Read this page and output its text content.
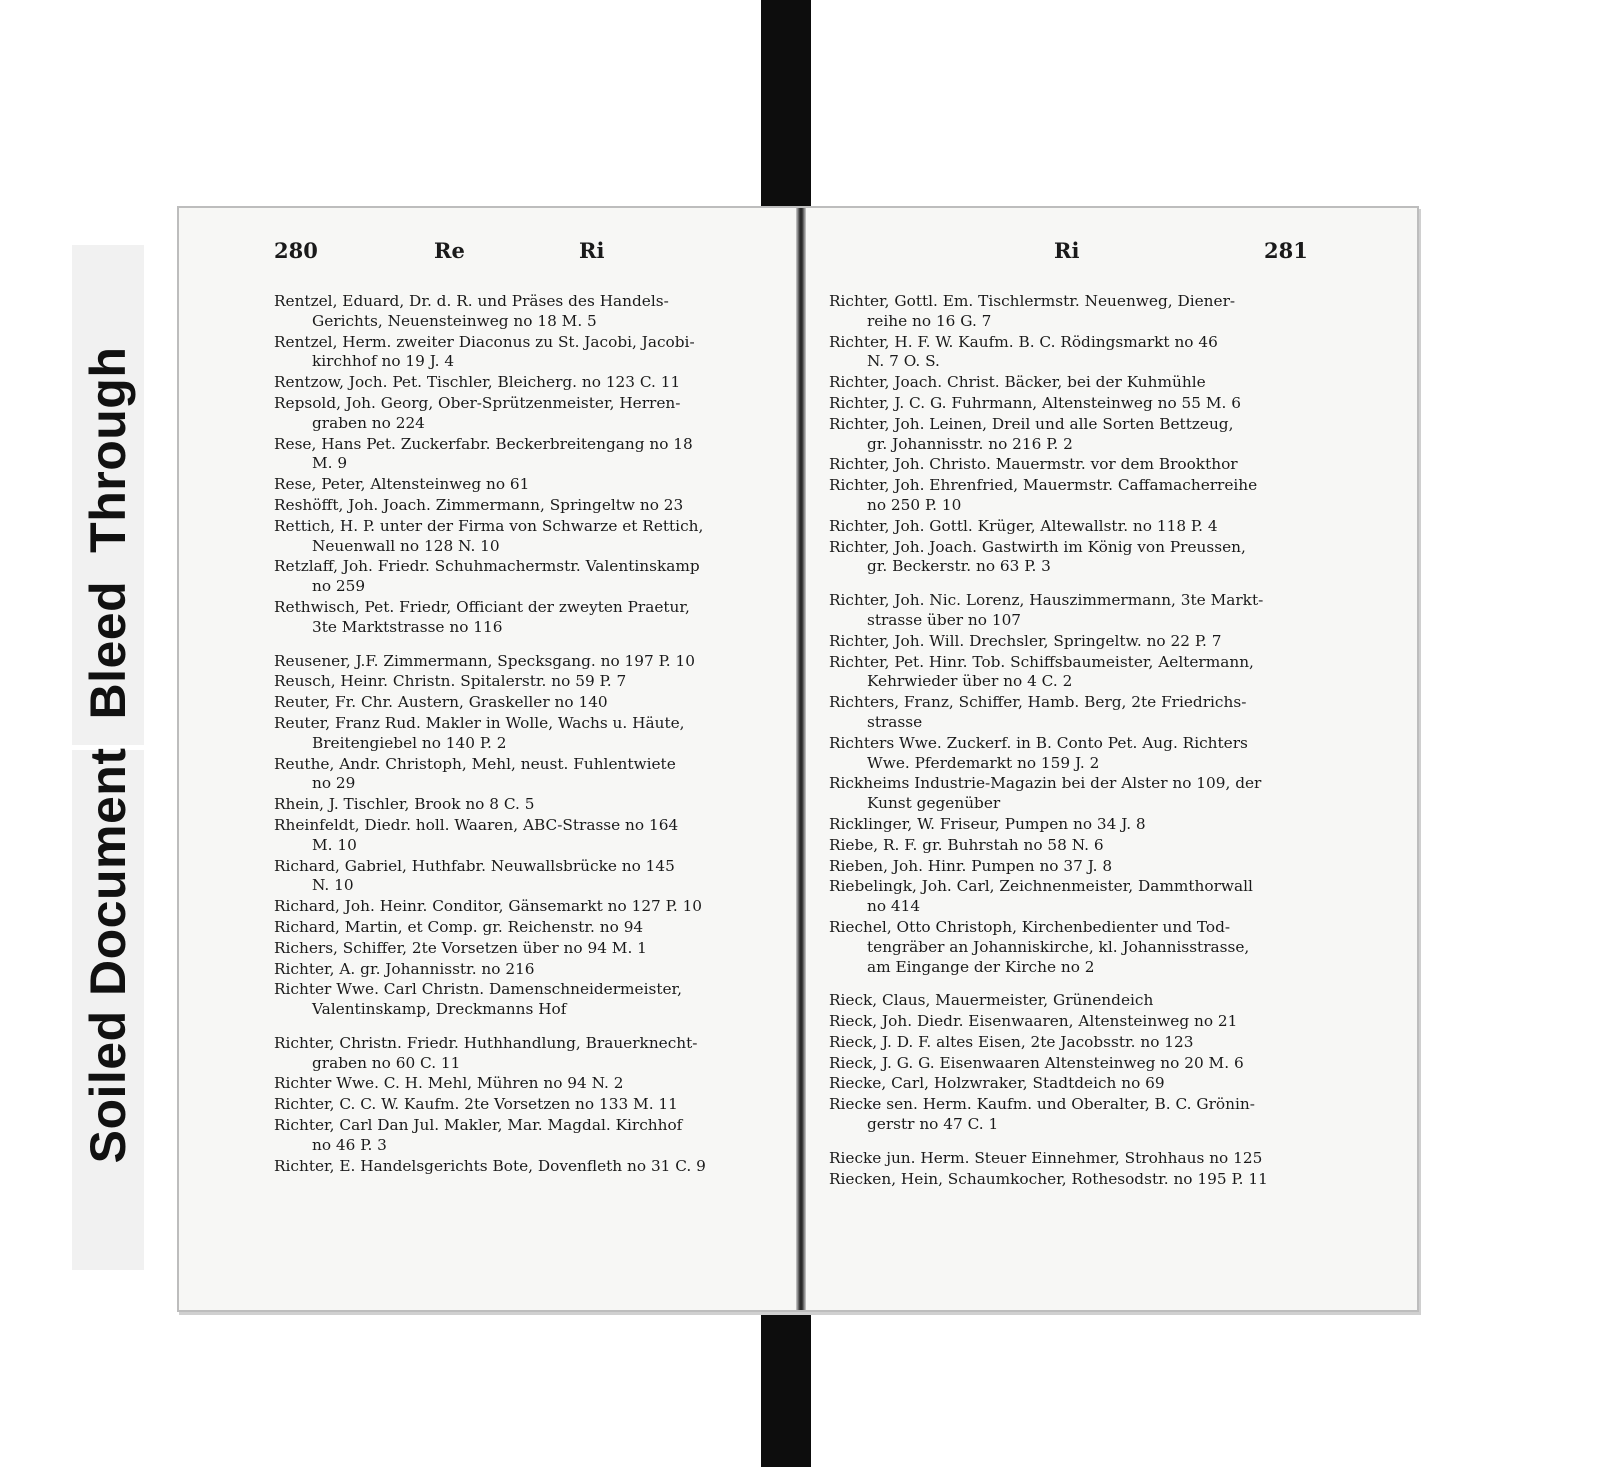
Soiled DocumentBleedThrough
280	Re	Ri
Rentzel, Eduard, Dr. d. R. und Präses des Handels-
Gerichts, Neuensteinweg no 18 M. 5
Rentzel, Herm. zweiter Diaconus zu St. Jacobi, Jacobi-
kirchhof no 19 J. 4
Rentzow, Joch. Pet. Tischler, Bleicherg. no 123 C. 11
Repsold, Joh. Georg, Ober-Sprützenmeister, Herren-
graben no 224
Rese, Hans Pet. Zuckerfabr. Beckerbreitengang no 18
M. 9
Rese, Peter, Altensteinweg no 61
Reshöfft, Joh. Joach. Zimmermann, Springeltw no 23
Rettich, H. P. unter der Firma von Schwarze et Rettich,
Neuenwall no 128 N. 10
Retzlaff, Joh. Friedr. Schuhmachermstr. Valentinskamp
no 259
Rethwisch, Pet. Friedr, Officiant der zweyten Praetur,
3te Marktstrasse no 116
Reusener, J.F. Zimmermann, Specksgang. no 197 P. 10
Reusch, Heinr. Christn. Spitalerstr. no 59 P. 7
Reuter, Fr. Chr. Austern, Graskeller no 140
Reuter, Franz Rud. Makler in Wolle, Wachs u. Häute,
Breitengiebel no 140 P. 2
Reuthe, Andr. Christoph, Mehl, neust. Fuhlentwiete
no 29
Rhein, J. Tischler, Brook no 8 C. 5
Rheinfeldt, Diedr. holl. Waaren, ABC-Strasse no 164
M. 10
Richard, Gabriel, Huthfabr. Neuwallsbrücke no 145
N. 10
Richard, Joh. Heinr. Conditor, Gänsemarkt no 127 P. 10
Richard, Martin, et Comp. gr. Reichenstr. no 94
Richers, Schiffer, 2te Vorsetzen über no 94 M. 1
Richter, A. gr. Johannisstr. no 216
Richter Wwe. Carl Christn. Damenschneidermeister,
Valentinskamp, Dreckmanns Hof
Richter, Christn. Friedr. Huthhandlung, Brauerknecht-
graben no 60 C. 11
Richter Wwe. C. H. Mehl, Mühren no 94 N. 2
Richter, C. C. W. Kaufm. 2te Vorsetzen no 133 M. 11
Richter, Carl Dan Jul. Makler, Mar. Magdal. Kirchhof
no 46 P. 3
Richter, E. Handelsgerichts Bote, Dovenfleth no 31 C. 9
Ri	281
Richter, Gottl. Em. Tischlermstr. Neuenweg, Diener-
reihe no 16 G. 7
Richter, H. F. W. Kaufm. B. C. Rödingsmarkt no 46
N. 7 O. S.
Richter, Joach. Christ. Bäcker, bei der Kuhmühle
Richter, J. C. G. Fuhrmann, Altensteinweg no 55 M. 6
Richter, Joh. Leinen, Dreil und alle Sorten Bettzeug,
gr. Johannisstr. no 216 P. 2
Richter, Joh. Christo. Mauermstr. vor dem Brookthor
Richter, Joh. Ehrenfried, Mauermstr. Caffamacherreihe
no 250 P. 10
Richter, Joh. Gottl. Krüger, Altewallstr. no 118 P. 4
Richter, Joh. Joach. Gastwirth im König von Preussen,
gr. Beckerstr. no 63 P. 3
Richter, Joh. Nic. Lorenz, Hauszimmermann, 3te Markt-
strasse über no 107
Richter, Joh. Will. Drechsler, Springeltw. no 22 P. 7
Richter, Pet. Hinr. Tob. Schiffsbaumeister, Aeltermann,
Kehrwieder über no 4 C. 2
Richters, Franz, Schiffer, Hamb. Berg, 2te Friedrichs-
strasse
Richters Wwe. Zuckerf. in B. Conto Pet. Aug. Richters
Wwe. Pferdemarkt no 159 J. 2
Rickheims Industrie-Magazin bei der Alster no 109, der
Kunst gegenüber
Ricklinger, W. Friseur, Pumpen no 34 J. 8
Riebe, R. F. gr. Buhrstah no 58 N. 6
Rieben, Joh. Hinr. Pumpen no 37 J. 8
Riebelingk, Joh. Carl, Zeichnenmeister, Dammthorwall
no 414
Riechel, Otto Christoph, Kirchenbedienter und Tod-
tengräber an Johanniskirche, kl. Johannisstrasse,
am Eingange der Kirche no 2
Rieck, Claus, Mauermeister, Grünendeich
Rieck, Joh. Diedr. Eisenwaaren, Altensteinweg no 21
Rieck, J. D. F. altes Eisen, 2te Jacobsstr. no 123
Rieck, J. G. G. Eisenwaaren Altensteinweg no 20 M. 6
Riecke, Carl, Holzwraker, Stadtdeich no 69
Riecke sen. Herm. Kaufm. und Oberalter, B. C. Grönin-
gerstr no 47 C. 1
Riecke jun. Herm. Steuer Einnehmer, Strohhaus no 125
Riecken, Hein, Schaumkocher, Rothesodstr. no 195 P. 11
